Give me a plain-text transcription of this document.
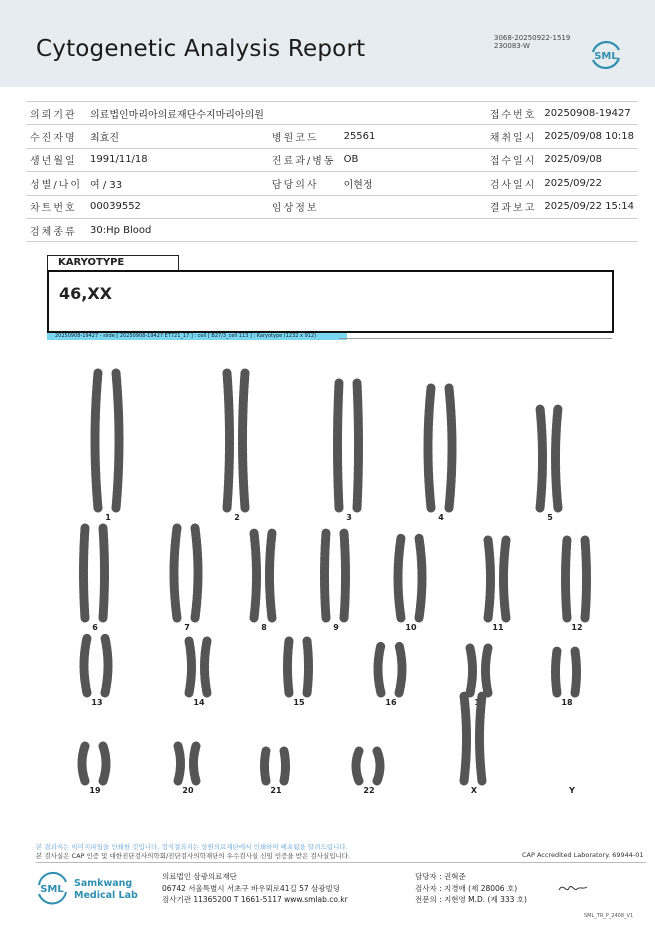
Cytogenetic Analysis Report	3068-20250922-1519
230083-W
SML
의뢰기관	의료법인마리아의료재단수지마리아의원			접수번호	20250908-19427
수진자명	최효진	병원코드	25561	채취일시	2025/09/08 10:18
생년월일	1991/11/18	진료과/병동	OB	접수일시	2025/09/08
성별/나이	여 / 33	담당의사	이현정	검사일시	2025/09/22
차트번호	00039552	임상정보		결과보고	2025/09/22 15:14
검체종류	30:Hp Blood				
KARYOTYPE
46,XX
20250908-19427 - slide [ 20250908-19427 ET721_17 ] : cell [ B27/3_cell 113 ] : Karyotype (1232 x 912)
1	2	3	4	5
6	7	8	9	10	11	12
13	14	15	16	17	18
19	20	21	22	X	Y
본 결과지는 이미지파일을 인쇄한 것입니다. 정식결과지는 상원의료재단에서 인쇄하여 배포됨을 알려드립니다.
본 검사실은 CAP 인증 및 대한진단검사의학회/진단검사의학재단의 우수검사실 신임 인증을 받은 검사실입니다.	CAP Accredited Laboratory. 69944-01
SML
Samkwang
Medical Lab
의료법인 삼광의료재단
06742 서울특별시 서초구 바우뫼로41길 57 삼광빌딩
검사기관 11365200 T 1661-5117 www.smlab.co.kr
담당자 : 권혁준
검사자 : 지경애 (제 28006 호)
전문의 : 지현영 M.D. (제 333 호)
SML_TR_P_2408_V1
